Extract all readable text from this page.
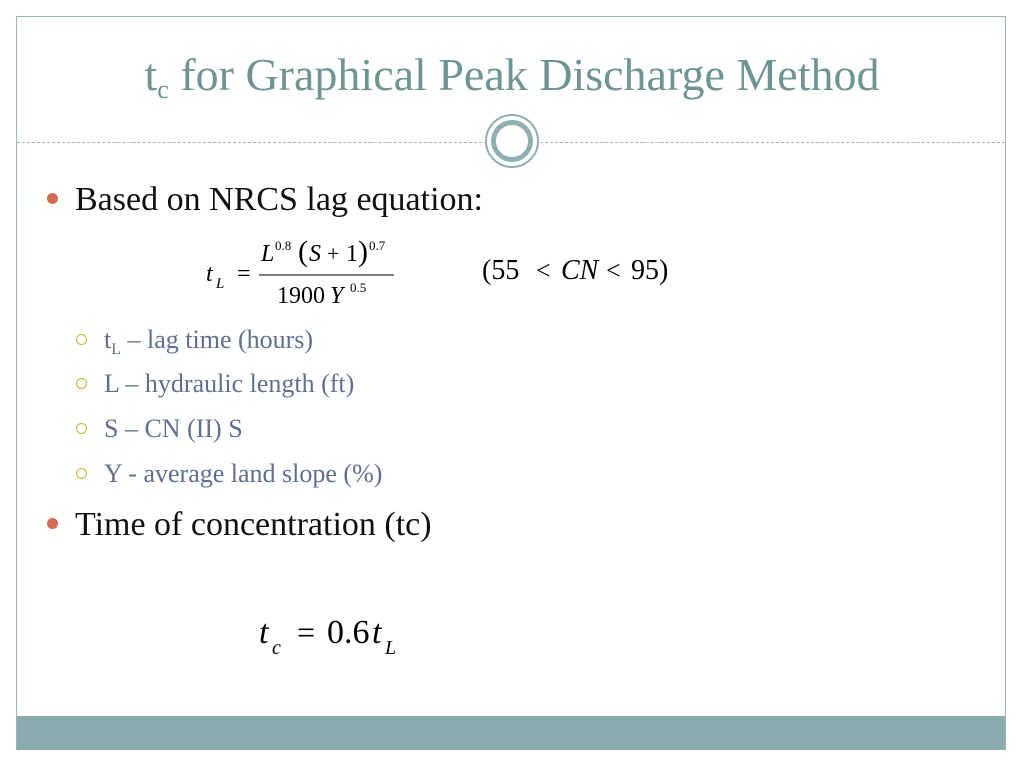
$t_c$ for Graphical Peak Discharge Method
Based on NRCS lag equation:
t L =
L 0.8 ( S + 1 ) 0.7
1900 Y 0.5
(55 < CN < 95)
$t_L$ – lag time (hours)
L – hydraulic length (ft)
S – CN (II) S
Y - average land slope (%)
Time of concentration (tc)
t c = 0.6 t L
